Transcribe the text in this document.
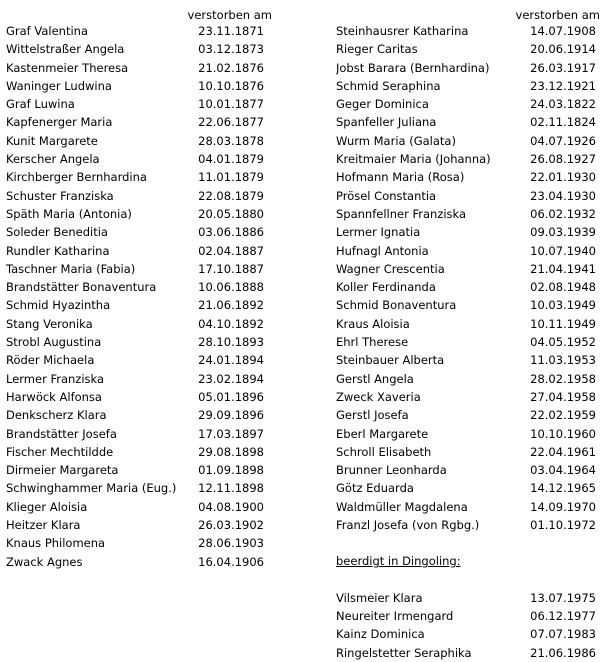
verstorben am
Graf Valentina	23.11.1871
Wittelstraßer Angela	03.12.1873
Kastenmeier Theresa	21.02.1876
Waninger Ludwina	10.10.1876
Graf Luwina	10.01.1877
Kapfenerger Maria	22.06.1877
Kunit Margarete	28.03.1878
Kerscher Angela	04.01.1879
Kirchberger Bernhardina	11.01.1879
Schuster Franziska	22.08.1879
Späth Maria (Antonia)	20.05.1880
Soleder Beneditia	03.06.1886
Rundler Katharina	02.04.1887
Taschner Maria (Fabia)	17.10.1887
Brandstätter Bonaventura	10.06.1888
Schmid Hyazintha	21.06.1892
Stang Veronika	04.10.1892
Strobl Augustina	28.10.1893
Röder Michaela	24.01.1894
Lermer Franziska	23.02.1894
Harwöck Alfonsa	05.01.1896
Denkscherz Klara	29.09.1896
Brandstätter Josefa	17.03.1897
Fischer Mechtildde	29.08.1898
Dirmeier Margareta	01.09.1898
Schwinghammer Maria (Eug.) 12.11.1898
Klieger Aloisia	04.08.1900
Heitzer Klara	26.03.1902
Knaus Philomena	28.06.1903
Zwack Agnes	16.04.1906
verstorben am
Steinhausrer Katharina	14.07.1908
Rieger Caritas	20.06.1914
Jobst Barara (Bernhardina)	26.03.1917
Schmid Seraphina	23.12.1921
Geger Dominica	24.03.1822
Spanfeller Juliana	02.11.1824
Wurm Maria (Galata)	04.07.1926
Kreitmaier Maria (Johanna)	26.08.1927
Hofmann Maria (Rosa)	22.01.1930
Prösel Constantia	23.04.1930
Spannfellner Franziska	06.02.1932
Lermer Ignatia	09.03.1939
Hufnagl Antonia	10.07.1940
Wagner Crescentia	21.04.1941
Koller Ferdinanda	02.08.1948
Schmid Bonaventura	10.03.1949
Kraus Aloisia	10.11.1949
Ehrl Therese	04.05.1952
Steinbauer Alberta	11.03.1953
Gerstl Angela	28.02.1958
Zweck Xaveria	27.04.1958
Gerstl Josefa	22.02.1959
Eberl Margarete	10.10.1960
Schroll Elisabeth	22.04.1961
Brunner Leonharda	03.04.1964
Götz Eduarda	14.12.1965
Waldmüller Magdalena	14.09.1970
Franzl Josefa (von Rgbg.)	01.10.1972
beerdigt in Dingoling:
Vilsmeier Klara	13.07.1975
Neureiter Irmengard	06.12.1977
Kainz Dominica	07.07.1983
Ringelstetter Seraphika	21.06.1986
